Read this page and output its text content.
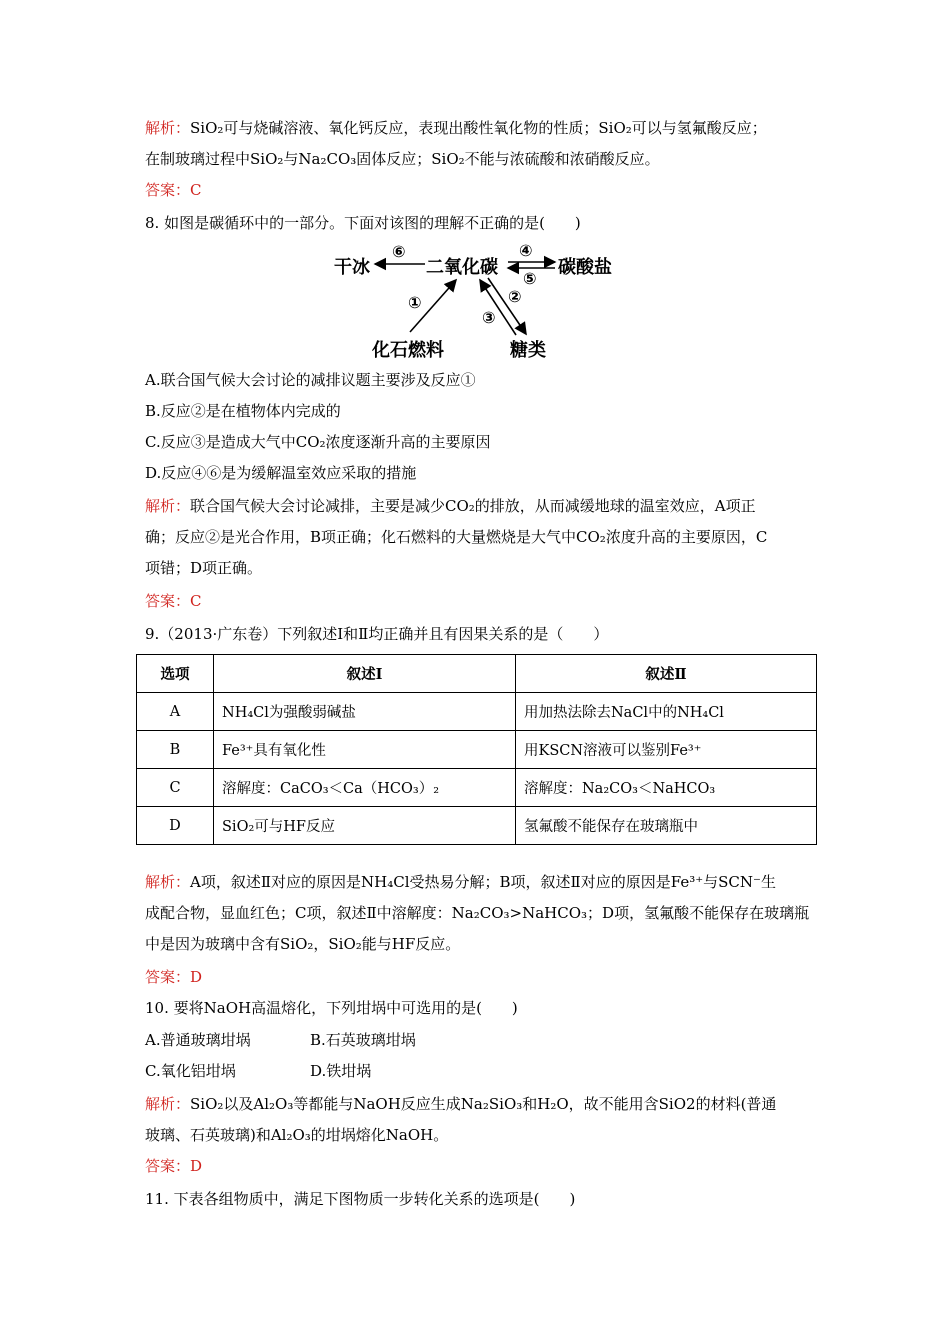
解析：SiO₂可与烧碱溶液、氧化钙反应，表现出酸性氧化物的性质；SiO₂可以与氢氟酸反应；
在制玻璃过程中SiO₂与Na₂CO₃固体反应；SiO₂不能与浓硫酸和浓硝酸反应。
答案：C
8. 如图是碳循环中的一部分。下面对该图的理解不正确的是(　　)
干冰	二氧化碳	碳酸盐
化石燃料	糖类
⑥	④
⑤
①	②
③
A.联合国气候大会讨论的减排议题主要涉及反应①
B.反应②是在植物体内完成的
C.反应③是造成大气中CO₂浓度逐渐升高的主要原因
D.反应④⑥是为缓解温室效应采取的措施
解析：联合国气候大会讨论减排，主要是减少CO₂的排放，从而减缓地球的温室效应，A项正
确；反应②是光合作用，B项正确；化石燃料的大量燃烧是大气中CO₂浓度升高的主要原因，C
项错；D项正确。
答案：C
9.（2013·广东卷）下列叙述Ⅰ和Ⅱ均正确并且有因果关系的是（　　）
选项	叙述Ⅰ	叙述Ⅱ
A	NH₄Cl为强酸弱碱盐	用加热法除去NaCl中的NH₄Cl
B	Fe³⁺具有氧化性	用KSCN溶液可以鉴别Fe³⁺
C	溶解度：CaCO₃＜Ca（HCO₃）₂	溶解度：Na₂CO₃＜NaHCO₃
D	SiO₂可与HF反应	氢氟酸不能保存在玻璃瓶中
解析：A项，叙述Ⅱ对应的原因是NH₄Cl受热易分解；B项，叙述Ⅱ对应的原因是Fe³⁺与SCN⁻生
成配合物，显血红色；C项，叙述Ⅱ中溶解度：Na₂CO₃>NaHCO₃；D项，氢氟酸不能保存在玻璃瓶
中是因为玻璃中含有SiO₂，SiO₂能与HF反应。
答案：D
10. 要将NaOH高温熔化，下列坩埚中可选用的是(　　)
A.普通玻璃坩埚	B.石英玻璃坩埚
C.氧化铝坩埚	D.铁坩埚
解析：SiO₂以及Al₂O₃等都能与NaOH反应生成Na₂SiO₃和H₂O，故不能用含SiO2的材料(普通
玻璃、石英玻璃)和Al₂O₃的坩埚熔化NaOH。
答案：D
11. 下表各组物质中，满足下图物质一步转化关系的选项是(　　)
